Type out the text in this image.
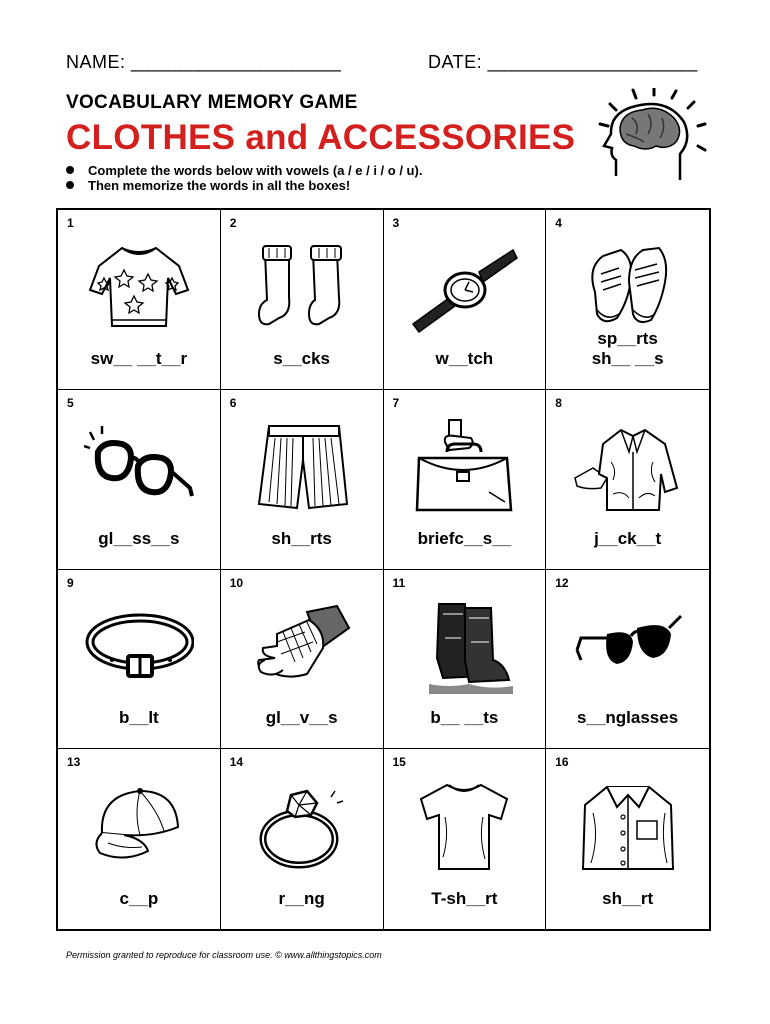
NAME: ____________________	DATE: ____________________
VOCABULARY MEMORY GAME
CLOTHES and ACCESSORIES
Complete the words below with vowels (a / e / i / o / u).
Then memorize the words in all the boxes!
1
sw__ __t__r
2
s__cks
3
w__tch
4
sp__rts
sh__ __s
5
gl__ss__s
6
sh__rts
7
briefc__s__
8
j__ck__t
9
b__lt
10
gl__v__s
11
b__ __ts
12
s__nglasses
13
c__p
14
r__ng
15
T-sh__rt
16
sh__rt
Permission granted to reproduce for classroom use. © www.allthingstopics.com
